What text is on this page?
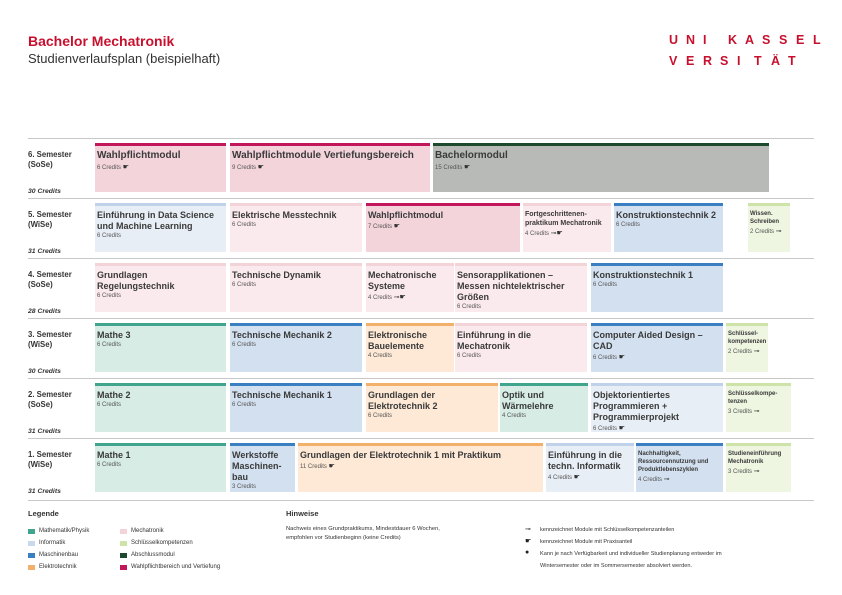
Bachelor Mechatronik
Studienverlaufsplan (beispielhaft)
U N I K A S S E L
V E R S I T Ä T
6. Semester
(SoSe)
30 Credits
5. Semester
(WiSe)
31 Credits
4. Semester
(SoSe)
28 Credits
3. Semester
(WiSe)
30 Credits
2. Semester
(SoSe)
31 Credits
1. Semester
(WiSe)
31 Credits
Wahlpflichtmodul
6 Credits ☛
Wahlpflichtmodule Vertiefungsbereich
9 Credits ☛
Bachelormodul
15 Credits ☛
Einführung in Data Science und Machine Learning
6 Credits
Elektrische Messtechnik
6 Credits
Wahlpflichtmodul
7 Credits ☛
Fortgeschrittenen-praktikum Mechatronik
4 Credits ⊸☛
Konstruktionstechnik 2
6 Credits
Wissen. Schreiben
2 Credits ⊸
Grundlagen Regelungstechnik
6 Credits
Technische Dynamik
6 Credits
Mechatronische Systeme
4 Credits ⊸☛
Sensorapplikationen – Messen nichtelektrischer Größen
6 Credits
Konstruktionstechnik 1
6 Credits
Mathe 3
6 Credits
Technische Mechanik 2
6 Credits
Elektronische Bauelemente
4 Credits
Einführung in die Mechatronik
6 Credits
Computer Aided Design – CAD
6 Credits ☛
Schlüssel-kompetenzen
2 Credits ⊸
Mathe 2
6 Credits
Technische Mechanik 1
6 Credits
Grundlagen der Elektrotechnik 2
6 Credits
Optik und Wärmelehre
4 Credits
Objektorientiertes Programmieren + Programmierprojekt
6 Credits ☛
Schlüsselkompe-tenzen
3 Credits ⊸
Mathe 1
6 Credits
Werkstoffe Maschinen-bau
3 Credits
Grundlagen der Elektrotechnik 1 mit Praktikum
11 Credits ☛
Einführung in die techn. Informatik
4 Credits ☛
Nachhaltigkeit, Ressourcennutzung und Produktlebenszyklen
4 Credits ⊸
Studieneinführung Mechatronik
3 Credits ⊸
Legende
Mathematik/Physik
Informatik
Maschinenbau
Elektrotechnik
Mechatronik
Schlüsselkompetenzen
Abschlussmodul
Wahlpflichtbereich und Vertiefung
Hinweise
Nachweis eines Grundpraktikums, Mindestdauer 6 Wochen,
empfohlen vor Studienbeginn (keine Credits)
⊸ kennzeichnet Module mit Schlüsselkompetenzanteilen
☛ kennzeichnet Module mit Praxisanteil
● Kann je nach Verfügbarkeit und individueller Studienplanung entweder im
Wintersemester oder im Sommersemester absolviert werden.
